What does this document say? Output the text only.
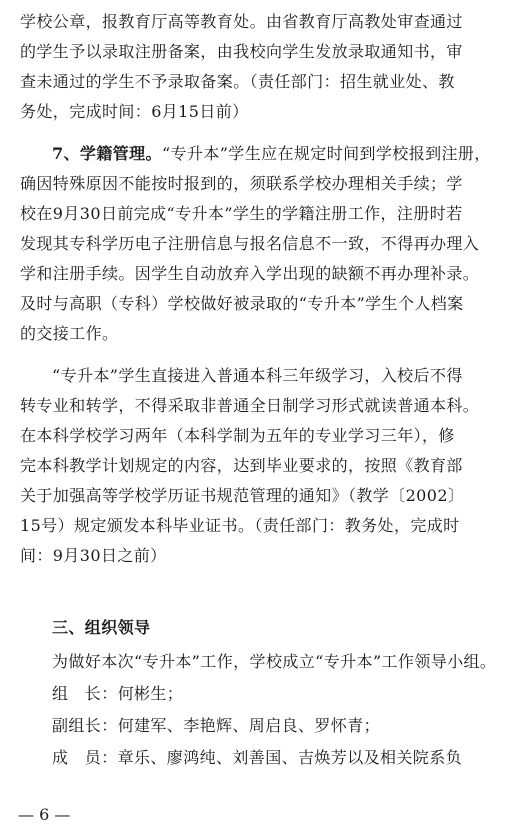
学校公章，报教育厅高等教育处。由省教育厅高教处审查通过
的学生予以录取注册备案，由我校向学生发放录取通知书，审
查未通过的学生不予录取备案。（责任部门：招生就业处、教
务处，完成时间：6月15日前）
7、学籍管理。“专升本”学生应在规定时间到学校报到注册，
确因特殊原因不能按时报到的，须联系学校办理相关手续；学
校在9月30日前完成“专升本”学生的学籍注册工作，注册时若
发现其专科学历电子注册信息与报名信息不一致，不得再办理入
学和注册手续。因学生自动放弃入学出现的缺额不再办理补录。
及时与高职（专科）学校做好被录取的“专升本”学生个人档案
的交接工作。
“专升本”学生直接进入普通本科三年级学习，入校后不得
转专业和转学，不得采取非普通全日制学习形式就读普通本科。
在本科学校学习两年（本科学制为五年的专业学习三年），修
完本科教学计划规定的内容，达到毕业要求的，按照《教育部
关于加强高等学校学历证书规范管理的通知》（教学〔2002〕
15号）规定颁发本科毕业证书。（责任部门：教务处，完成时
间：9月30日之前）
三、组织领导
为做好本次“专升本”工作，学校成立“专升本”工作领导小组。
组　长：何彬生；
副组长：何建军、李艳辉、周启良、罗怀青；
成　员：章乐、廖鸿纯、刘善国、吉焕芳以及相关院系负
— 6 —
